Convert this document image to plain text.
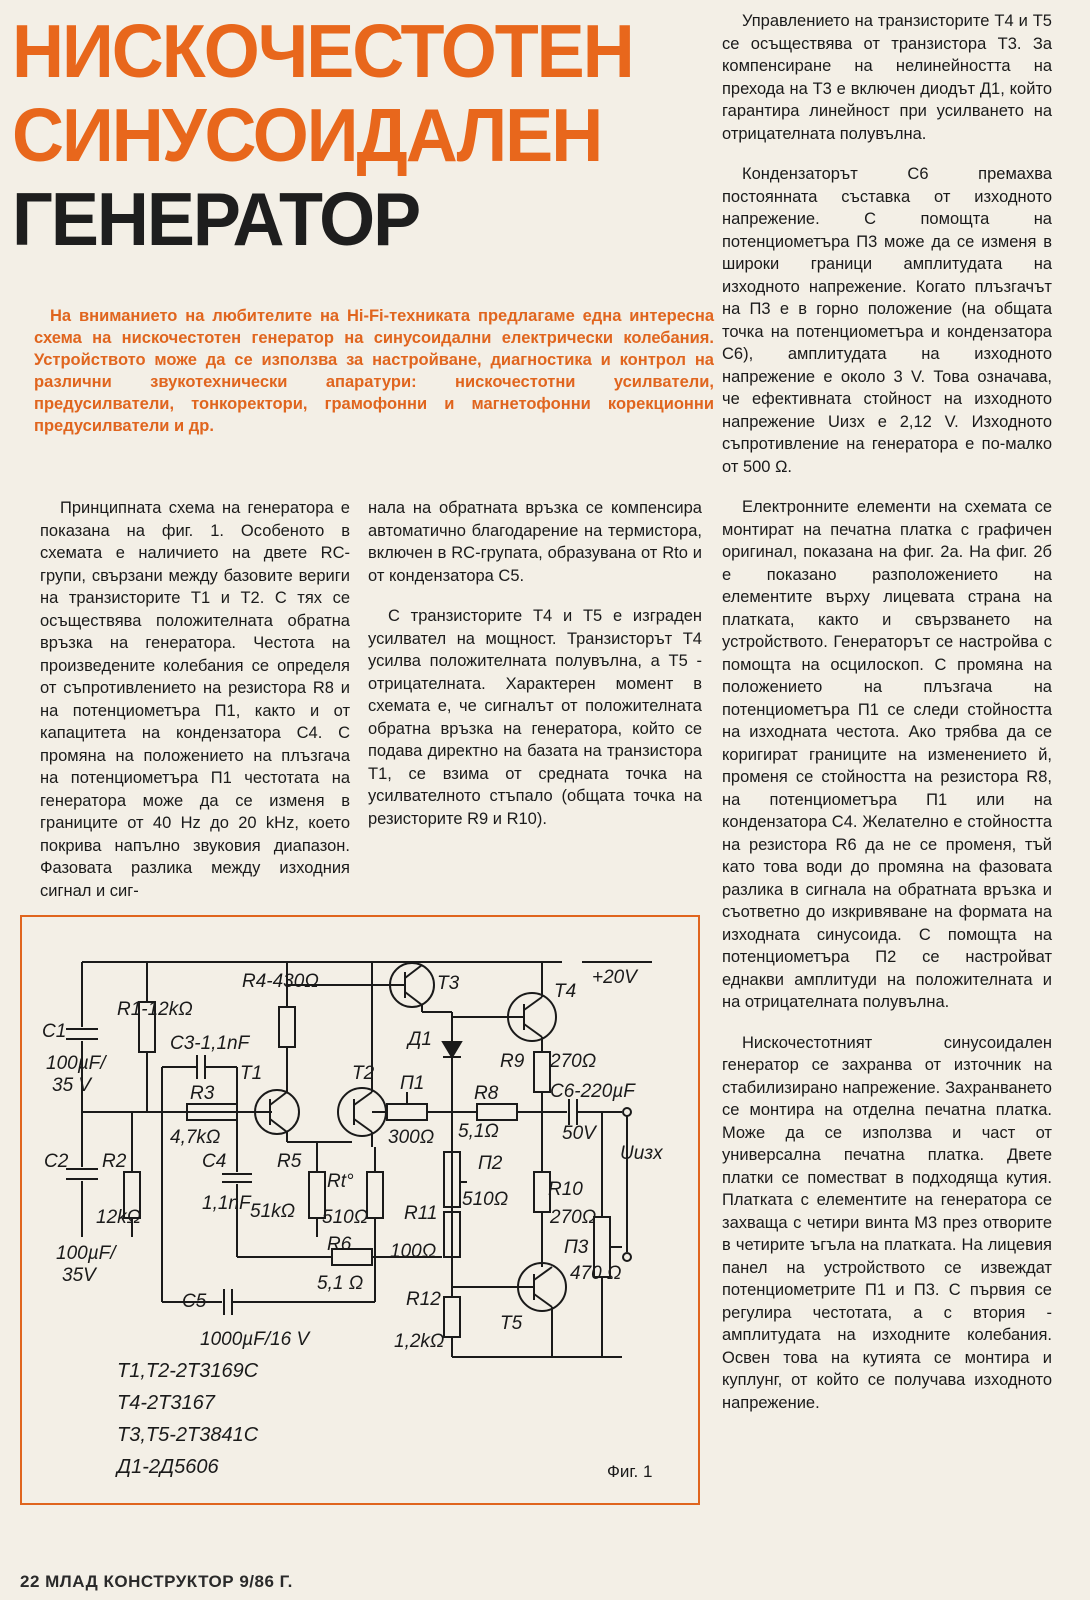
НИСКОЧЕСТОТЕН
СИНУСОИДАЛЕН
ГЕНЕРАТОР

На вниманието на любителите на Hi-Fi-техниката предлагаме една интересна схема на нискочестотен генератор на синусоидални електрически колебания. Устройството може да се използва за настройване, диагностика и контрол на различни звукотехнически апаратури: нискочестотни усилватели, предусилватели, тонкоректори, грамофонни и магнетофонни корекционни предусилватели и др.

Принципната схема на генератора е показана на фиг. 1. Особеното в схемата е наличието на двете RC-групи, свързани между базовите вериги на транзисторите T1 и T2. С тях се осъществява положителната обратна връзка на генератора. Честота на произведените колебания се определя от съпротивлението на резистора R8 и на потенциометъра П1, както и от капацитета на кондензатора C4. С промяна на положението на плъзгача на потенциометъра П1 честотата на генератора може да се изменя в границите от 40 Hz до 20 kHz, което покрива напълно звуковия диапазон. Фазовата разлика между изходния сигнал и сиг-

нала на обратната връзка се компенсира автоматично благодарение на термистора, включен в RC-групата, образувана от Rto и от кондензатора C5.

С транзисторите T4 и T5 е изграден усилвател на мощност. Транзисторът T4 усилва положителната полувълна, а T5 - отрицателната. Характерен момент в схемата е, че сигналът от положителната обратна връзка на генератора, който се подава директно на базата на транзистора T1, се взима от средната точка на усилвателното стъпало (общата точка на резисторите R9 и R10).

Управлението на транзисторите T4 и T5 се осъществява от транзистора T3. За компенсиране на нелинейността на прехода на T3 е включен диодът Д1, който гарантира линейност при усилването на отрицателната полувълна.

Кондензаторът C6 премахва постоянната съставка от изходното напрежение. С помощта на потенциометъра П3 може да се изменя в широки граници амплитудата на изходното напрежение. Когато плъзгачът на П3 е в горно положение (на общата точка на потенциометъра и кондензатора C6), амплитудата на изходното напрежение е около 3 V. Това означава, че ефективната стойност на изходното напрежение Uизх е 2,12 V. Изходното съпротивление на генератора е по-малко от 500 Ω.

Електронните елементи на схемата се монтират на печатна платка с графичен оригинал, показана на фиг. 2а. На фиг. 2б е показано разположението на елементите върху лицевата страна на платката, както и свързването на устройството. Генераторът се настройва с помощта на осцилоскоп. С промяна на положението на плъзгача на потенциометъра П1 се следи стойността на изходната честота. Ако трябва да се коригират границите на изменението й, променя се стойността на резистора R8, на потенциометъра П1 или на кондензатора C4. Желателно е стойността на резистора R6 да не се променя, тъй като това води до промяна на фазовата разлика в сигнала на обратната връзка и съответно до изкривяване на формата на изходната синусоида. С помощта на потенциометъра П2 се настройват еднакви амплитуди на положителната и на отрицателната полувълна.

Нискочестотният синусоидален генератор се захранва от източник на стабилизирано напрежение. Захранването се монтира на отделна печатна платка. Може да се използва и част от универсална печатна платка. Двете платки се поместват в подходяща кутия. Платката с елементите на генератора се захваща с четири винта M3 през отворите в четирите ъгъла на платката. На лицевия панел на устройството се извеждат потенциометрите П1 и П3. С първия се регулира честотата, а с втория - амплитудата на изходните колебания. Освен това на кутията се монтира и куплунг, от който се получава изходното напрежение.

C1
100µF/
35 V
R1-12kΩ
C2 R2
12kΩ
100µF/
35V
C3-1,1nF
R3
4,7kΩ
C4
1,1nF
T1	T2
R4-430Ω
R5
51kΩ
Rt°
510Ω
R6
5,1 Ω
C5
1000µF/16 V
T3
Д1
П1
300Ω
R8
5,1Ω
П2
510Ω
R11
100Ω
R12
1,2kΩ
T4
+20V
R9 270Ω
C6-220µF
50V
R10
270Ω
П3
470 Ω
T5
Uизх
T1,T2-2T3169C
T4-2T3167
T3,T5-2T3841C
Д1-2Д5606	Фиг. 1

22 МЛАД КОНСТРУКТОР 9/86 Г.
